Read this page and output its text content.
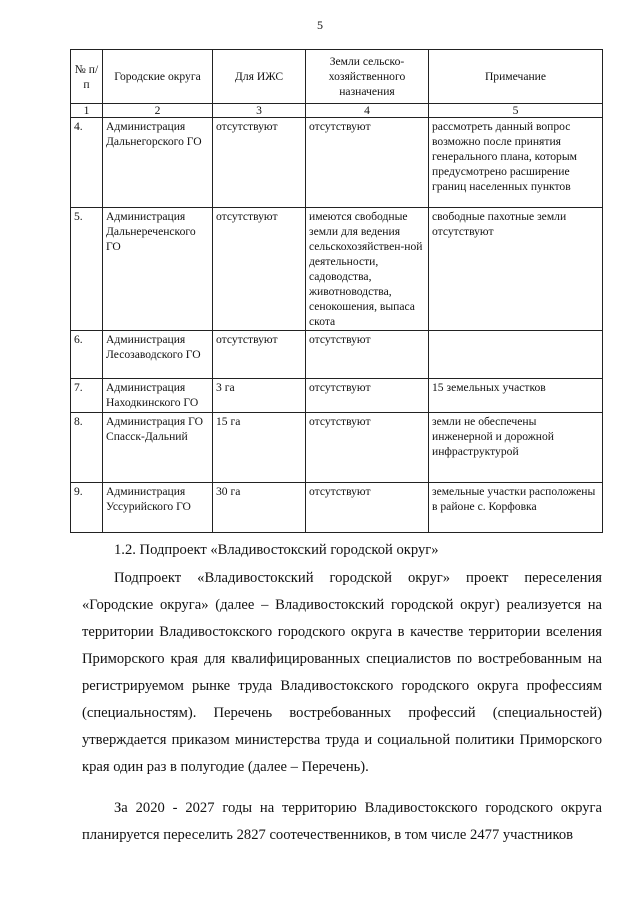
5
№ п/п	Городские округа	Для ИЖС	Земли сельско-хозяйственного назначения	Примечание
1	2	3	4	5
4.	Администрация Дальнегорского ГО	отсутствуют	отсутствуют	рассмотреть данный вопрос возможно после принятия генерального плана, которым предусмотрено расширение границ населенных пунктов
5.	Администрация Дальнереченского ГО	отсутствуют	имеются свободные земли для ведения сельскохозяйствен-ной деятельности, садоводства, животноводства, сенокошения, выпаса скота	свободные пахотные земли отсутствуют
6.	Администрация Лесозаводского ГО	отсутствуют	отсутствуют	
7.	Администрация Находкинского ГО	3 га	отсутствуют	15 земельных участков
8.	Администрация ГО Спасск-Дальний	15 га	отсутствуют	земли не обеспечены инженерной и дорожной инфраструктурой
9.	Администрация Уссурийского ГО	30 га	отсутствуют	земельные участки расположены в районе с. Корфовка
1.2. Подпроект «Владивостокский городской округ»

Подпроект «Владивостокский городской округ» проект переселения «Городские округа» (далее – Владивостокский городской округ) реализуется на территории Владивостокского городского округа в качестве территории вселения Приморского края для квалифицированных специалистов по востребованным на регистрируемом рынке труда Владивостокского городского округа профессиям (специальностям). Перечень востребованных профессий (специальностей) утверждается приказом министерства труда и социальной политики Приморского края один раз в полугодие (далее – Перечень).

За 2020 - 2027 годы на территорию Владивостокского городского округа планируется переселить 2827 соотечественников, в том числе 2477 участников
